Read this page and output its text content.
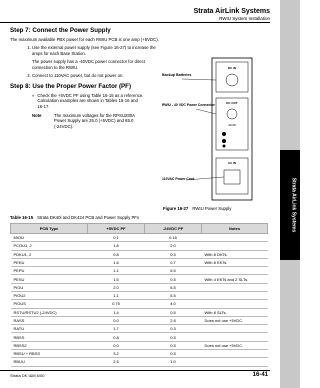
Strata AirLink Systems
RWIU System Installation
Strata AirLink Systems
Step 7: Connect the Power Supply
The maximum available PBX power for each RWIU PCB is one amp (+5VDC).
1. Use the external power supply (see Figure 16-27) to increase the amps for each Base Station.
The power supply has a -40VDC power connector for direct connection to the RWIU.
2. Connect to 110VAC power, but do not power on.
Step 8: Use the Proper Power Factor (PF)
» Check the +5VDC PF using Table 16-15 as a reference. Calculation examples are shown in Tables 16-16 and 16-17.
Note	The maximum voltages for the RPSU280A Power Supply are 25.0 (+5VDC) and 65.0 (-24VDC).
DC IN
DC OUT
-40VDC
AC IN
Backup Batteries
RWIU - 40 VDC Power Connector
110VAC Power Cord
Figure 16-27 RWIU Power Supply
Table 16-15 Strata DK40i and DK424 PCB and Power Supply PFs
PCB Type	+5VDC PF	-24VDC PF	Notes
MIOU	0.1	0.16	
PCOU1, 2	1.8	2.0	
PDKU1, 2	0.8	0.3	With 8 DKTs.
PEKU	1.6	0.7	With 8 EKTs.
PEPU	1.1	6.5	
PESU	1.5	0.5	With 4 EKTs and 2 SLTs.
PIOU	2.0	6.5	
PIOU2	1.1	6.5	
PIOUS	0.75	4.0	
RSTU/RSTU2 (-24VDC)	1.4	0.5	With 8 SLTs.
RASS	0.0	2.8	Does not use +5VDC.
RATU	1.7	0.3	
RBSS	0.8	0.3	
RBSS2	0.0	0.3	Does not use +5VDC.
RBSU + RBSS	3.2	0.3	
RBUU	2.5	1.0	
Strata DK I&M 6/00	16-41
